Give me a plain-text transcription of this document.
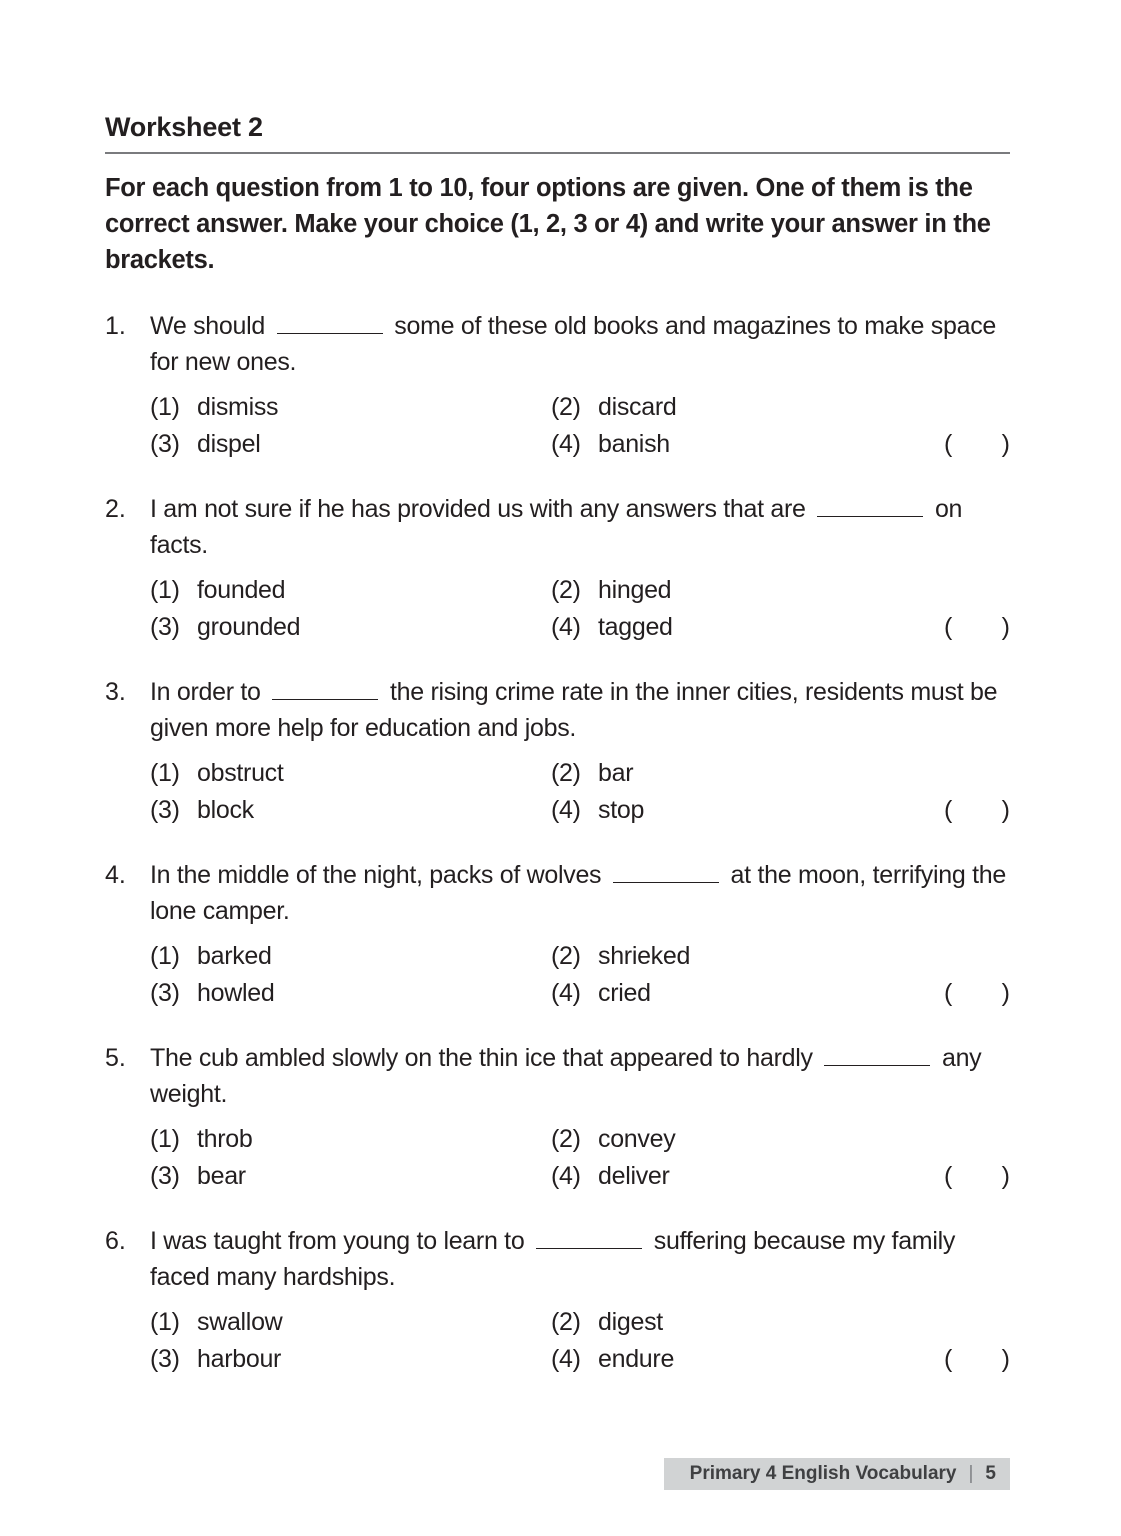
Worksheet 2
For each question from 1 to 10, four options are given. One of them is the correct answer. Make your choice (1, 2, 3 or 4) and write your answer in the brackets.
1. We should	some of these old books and magazines to make space for new ones.
(1) dismiss	(2) discard
(3) dispel	(4) banish	( )
2. I am not sure if he has provided us with any answers that are	on facts.
(1) founded	(2) hinged
(3) grounded	(4) tagged	( )
3. In order to	the rising crime rate in the inner cities, residents must be given more help for education and jobs.
(1) obstruct	(2) bar
(3) block	(4) stop	( )
4. In the middle of the night, packs of wolves	at the moon, terrifying the lone camper.
(1) barked	(2) shrieked
(3) howled	(4) cried	( )
5. The cub ambled slowly on the thin ice that appeared to hardly	any weight.
(1) throb	(2) convey
(3) bear	(4) deliver	( )
6. I was taught from young to learn to	suffering because my family faced many hardships.
(1) swallow	(2) digest
(3) harbour	(4) endure	( )
Primary 4 English Vocabulary | 5
